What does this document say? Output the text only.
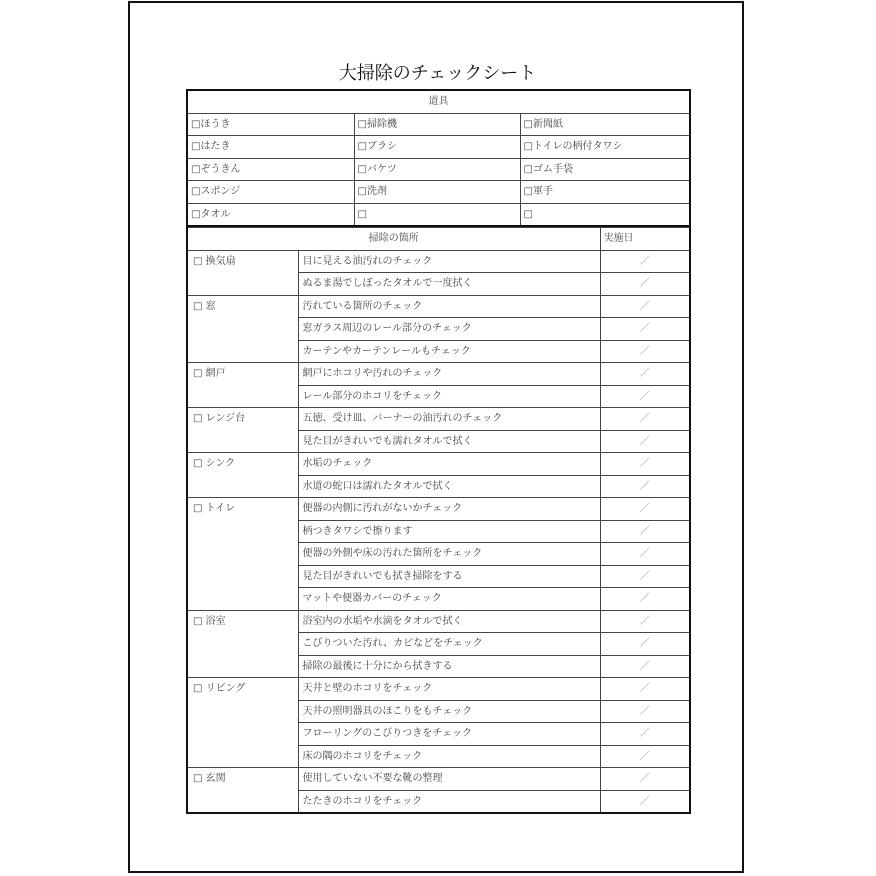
大掃除のチェックシート
道具		
□ほうき	□掃除機	□新聞紙
□はたき	□ブラシ	□トイレの柄付タワシ
□ぞうきん	□バケツ	□ゴム手袋
□スポンジ	□洗剤	□軍手
□タオル	□	□
掃除の箇所		実施日
□ 換気扇	目に見える油汚れのチェック	／
	ぬるま湯でしぼったタオルで一度拭く	／
□ 窓	汚れている箇所のチェック	／
	窓ガラス周辺のレール部分のチェック	／
	カーテンやカーテンレールもチェック	／
□ 網戸	網戸にホコリや汚れのチェック	／
	レール部分のホコリをチェック	／
□ レンジ台	五徳、受け皿、バーナーの油汚れのチェック	／
	見た目がきれいでも濡れタオルで拭く	／
□ シンク	水垢のチェック	／
	水道の蛇口は濡れたタオルで拭く	／
□ トイレ	便器の内側に汚れがないかチェック	／
	柄つきタワシで擦ります	／
	便器の外側や床の汚れた箇所をチェック	／
	見た目がきれいでも拭き掃除をする	／
	マットや便器カバーのチェック	／
□ 浴室	浴室内の水垢や水滴をタオルで拭く	／
	こびりついた汚れ、カビなどをチェック	／
	掃除の最後に十分にから拭きする	／
□ リビング	天井と壁のホコリをチェック	／
	天井の照明器具のほこりをもチェック	／
	フローリングのこびりつきをチェック	／
	床の隅のホコリをチェック	／
□ 玄関	使用していない不要な靴の整理	／
	たたきのホコリをチェック	／
